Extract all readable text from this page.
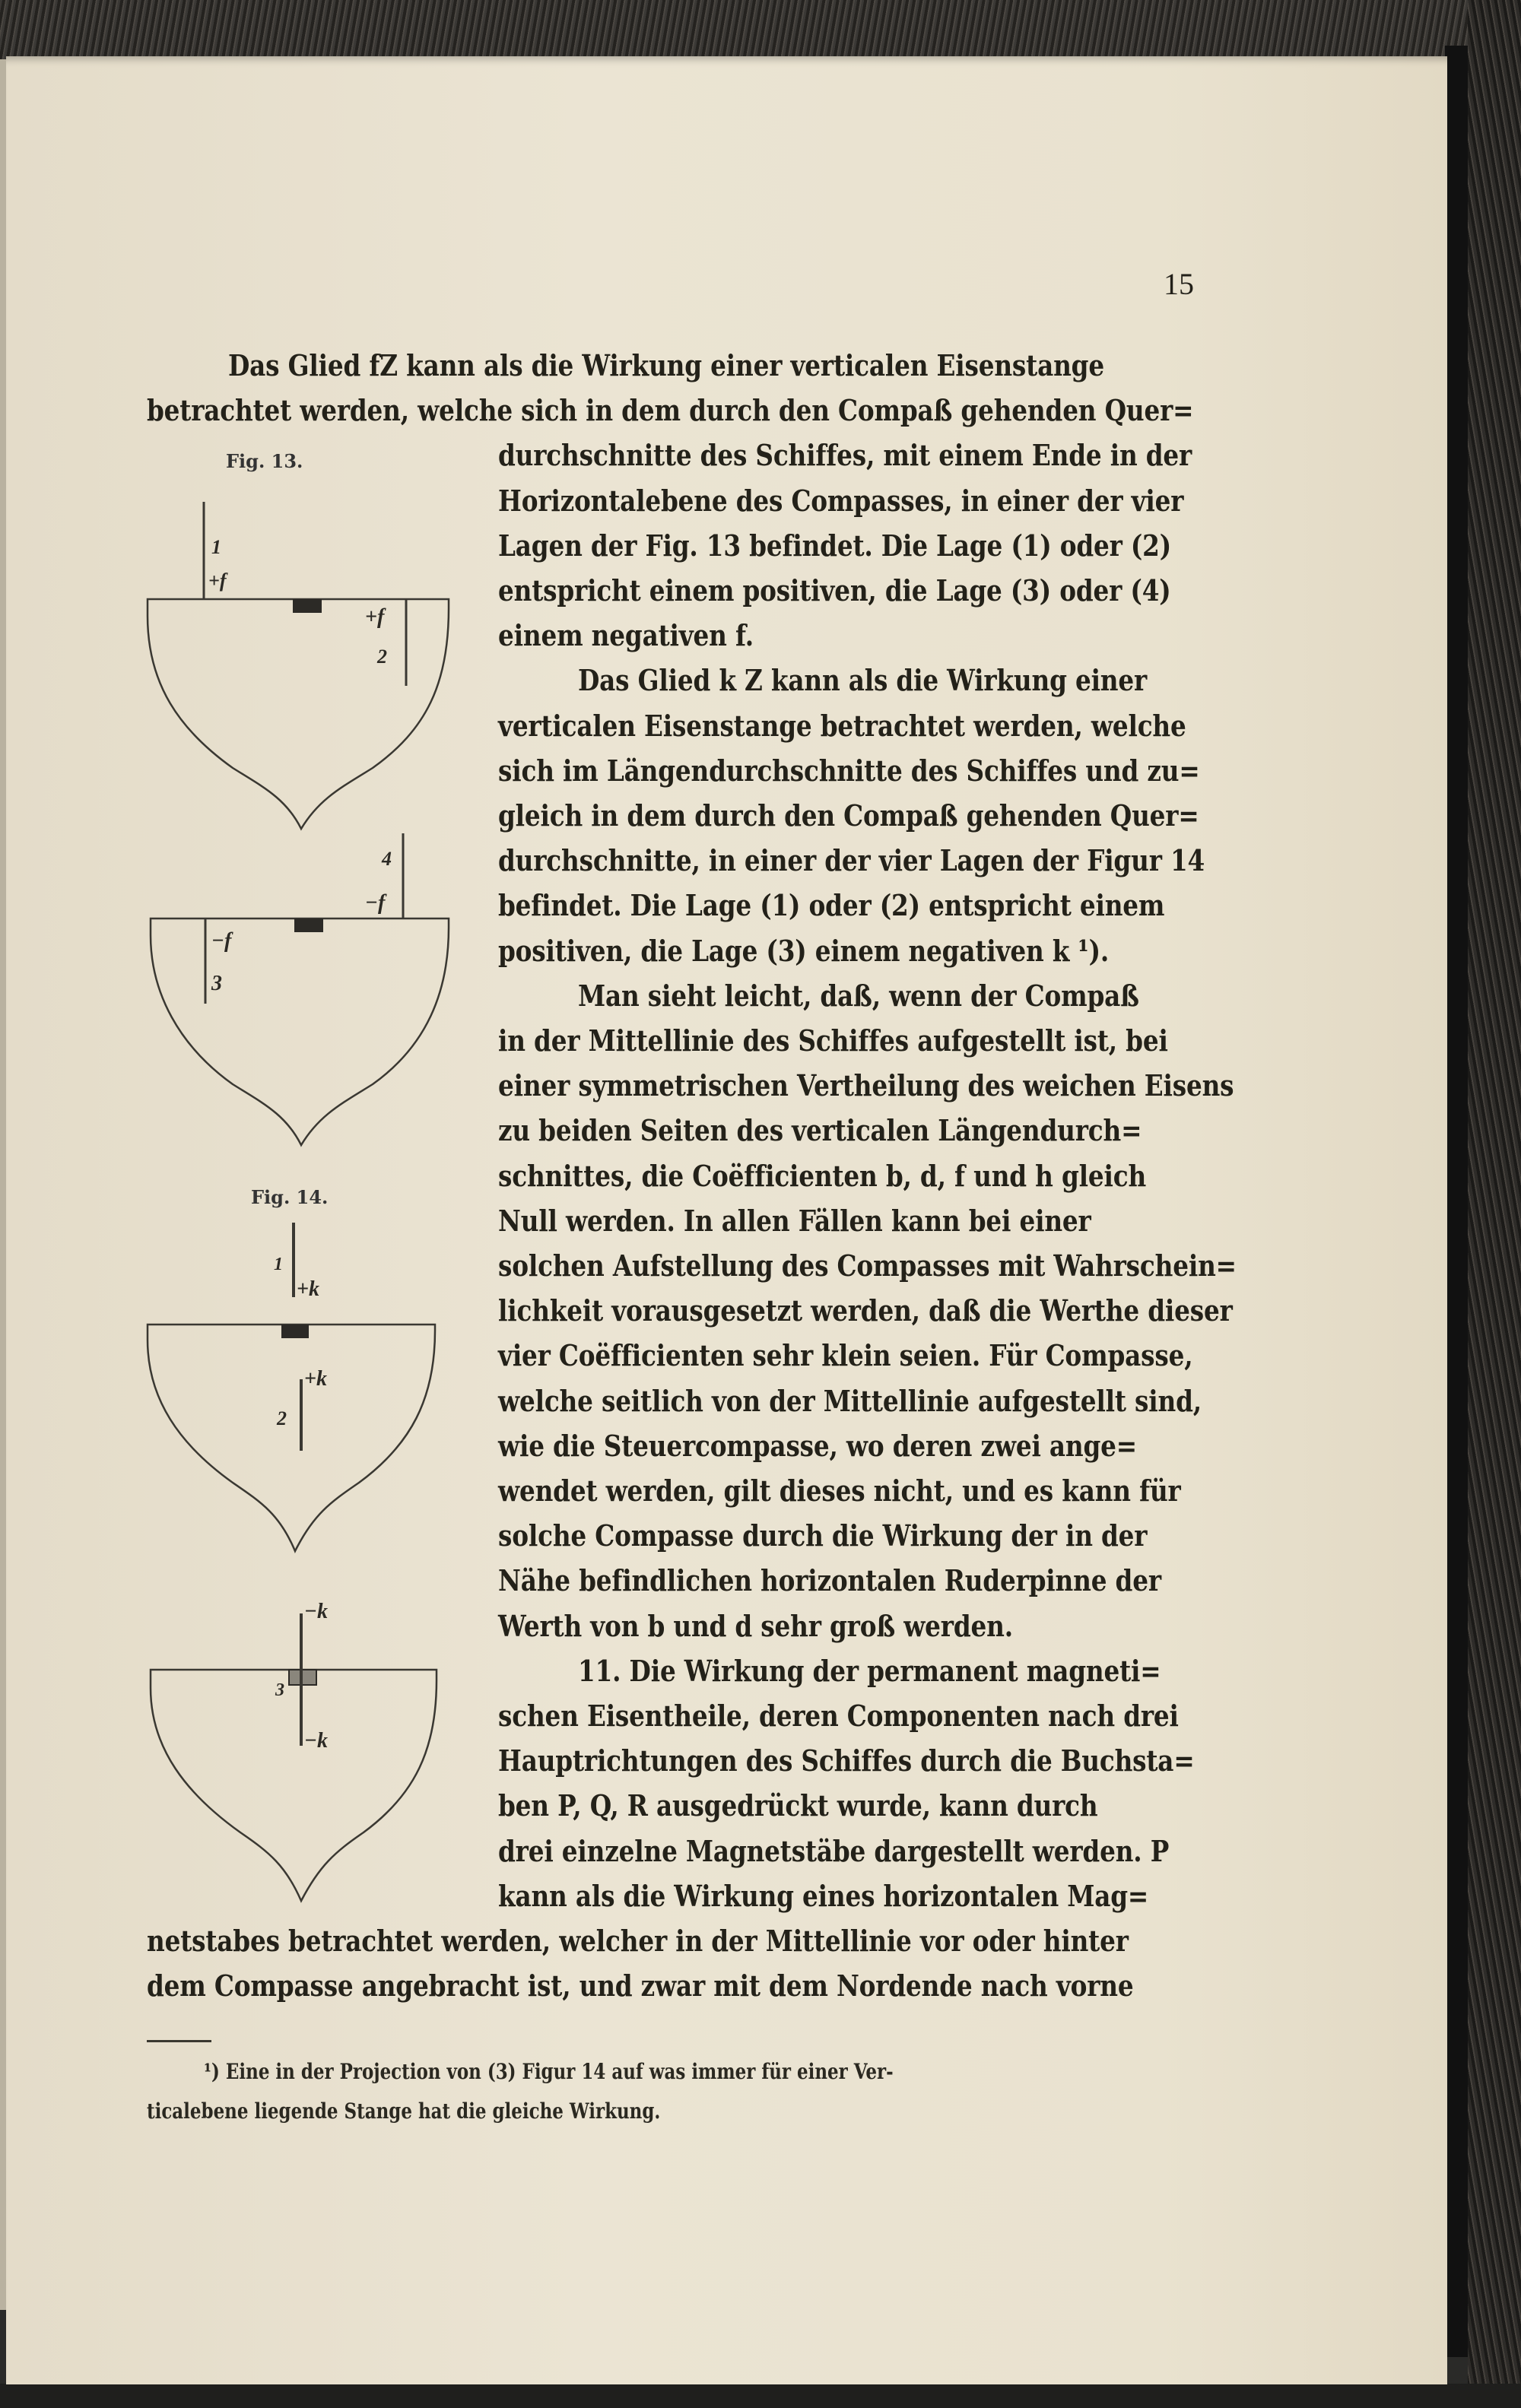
15
Das Glied fZ kann als die Wirkung einer verticalen Eisenstange
betrachtet werden, welche sich in dem durch den Compaß gehenden Quer=
durchschnitte des Schiffes, mit einem Ende in der
Horizontalebene des Compasses, in einer der vier
Lagen der Fig. 13 befindet. Die Lage (1) oder (2)
entspricht einem positiven, die Lage (3) oder (4)
einem negativen f.
Das Glied k Z kann als die Wirkung einer
verticalen Eisenstange betrachtet werden, welche
sich im Längendurchschnitte des Schiffes und zu=
gleich in dem durch den Compaß gehenden Quer=
durchschnitte, in einer der vier Lagen der Figur 14
befindet. Die Lage (1) oder (2) entspricht einem
positiven, die Lage (3) einem negativen k ¹).
Man sieht leicht, daß, wenn der Compaß
in der Mittellinie des Schiffes aufgestellt ist, bei
einer symmetrischen Vertheilung des weichen Eisens
zu beiden Seiten des verticalen Längendurch=
schnittes, die Coëfficienten b, d, f und h gleich
Null werden. In allen Fällen kann bei einer
solchen Aufstellung des Compasses mit Wahrschein=
lichkeit vorausgesetzt werden, daß die Werthe dieser
vier Coëfficienten sehr klein seien. Für Compasse,
welche seitlich von der Mittellinie aufgestellt sind,
wie die Steuercompasse, wo deren zwei ange=
wendet werden, gilt dieses nicht, und es kann für
solche Compasse durch die Wirkung der in der
Nähe befindlichen horizontalen Ruderpinne der
Werth von b und d sehr groß werden.
11. Die Wirkung der permanent magneti=
schen Eisentheile, deren Componenten nach drei
Hauptrichtungen des Schiffes durch die Buchsta=
ben P, Q, R ausgedrückt wurde, kann durch
drei einzelne Magnetstäbe dargestellt werden. P
kann als die Wirkung eines horizontalen Mag=
netstabes betrachtet werden, welcher in der Mittellinie vor oder hinter
dem Compasse angebracht ist, und zwar mit dem Nordende nach vorne
Fig. 13.
1
+f
+f
2
4
−f
−f
3
Fig. 14.
1
+k
+k
2
−k
3
−k
¹) Eine in der Projection von (3) Figur 14 auf was immer für einer Ver-
ticalebene liegende Stange hat die gleiche Wirkung.
